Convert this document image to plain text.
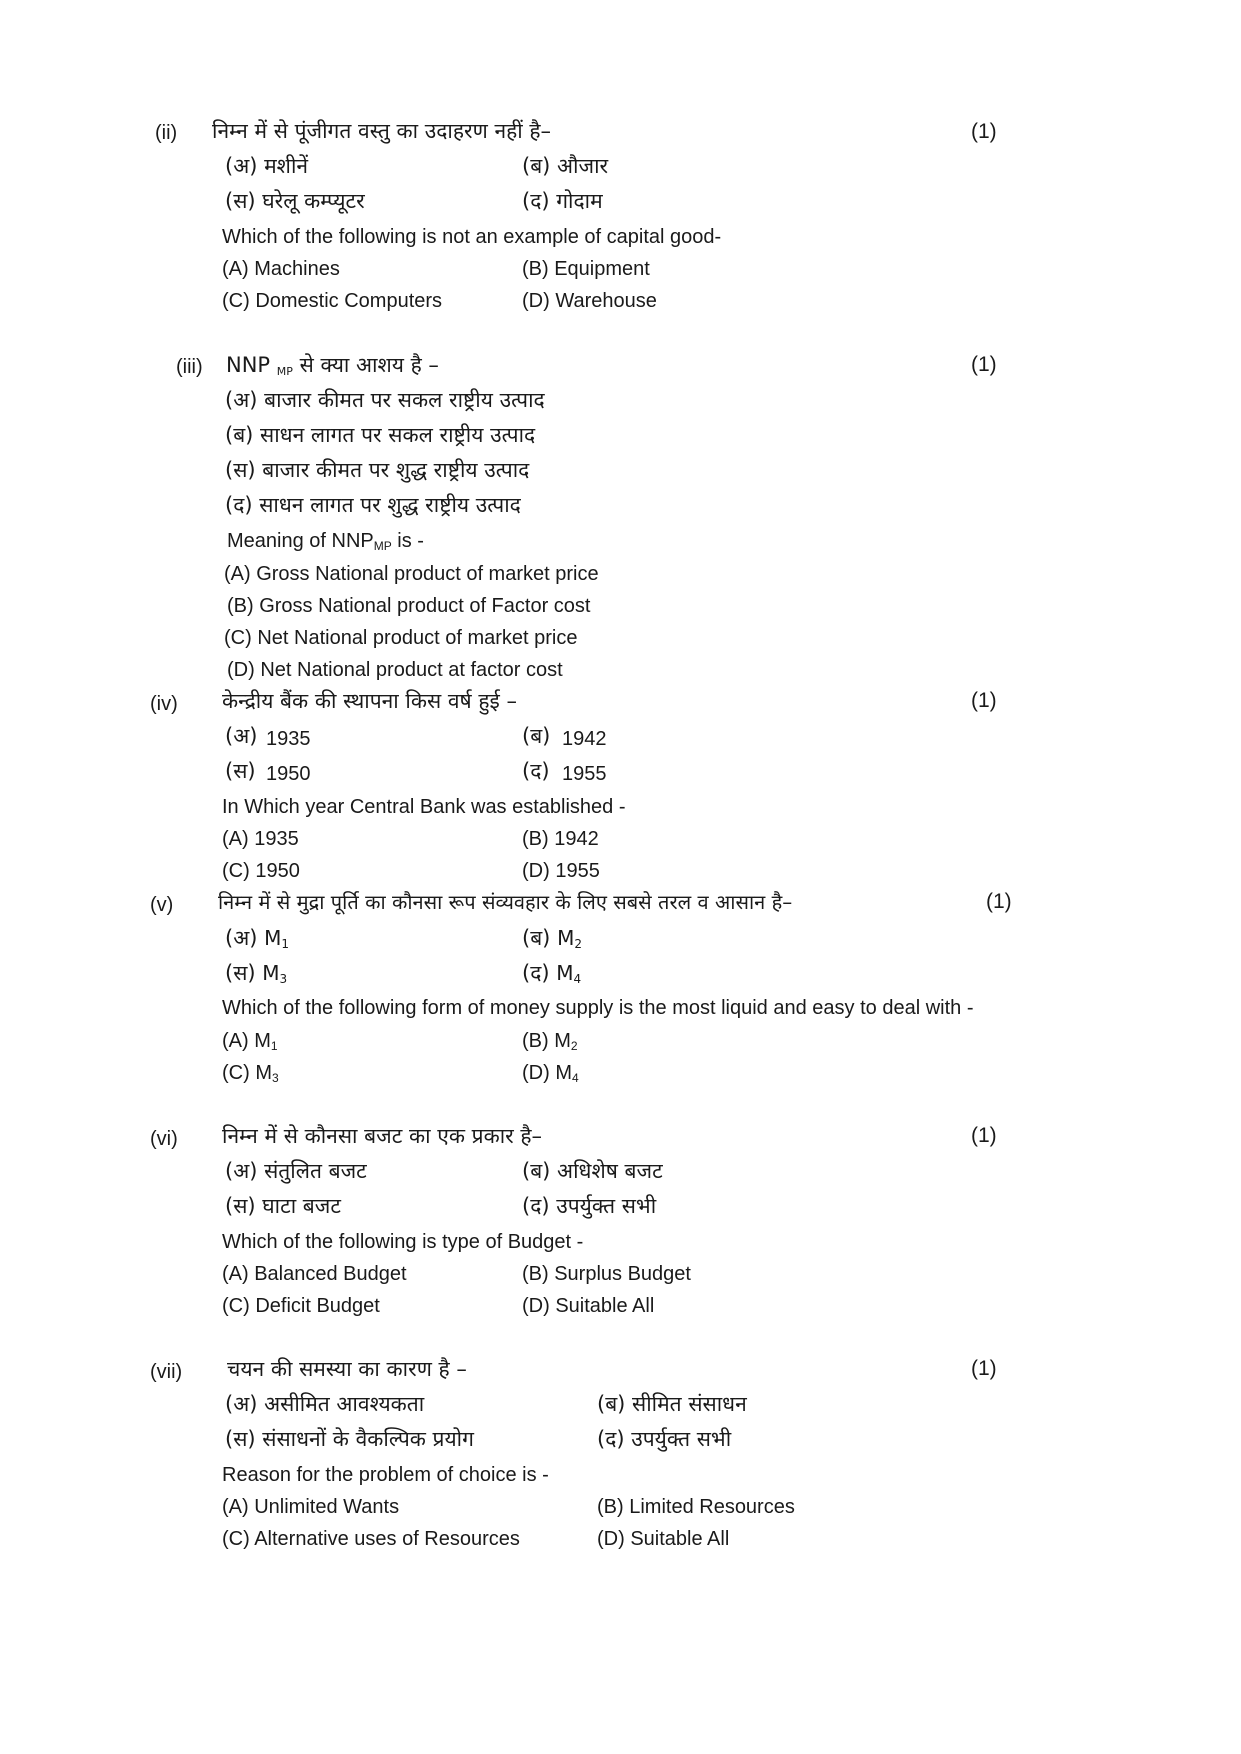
(ii) निम्न में से पूंजीगत वस्तु का उदाहरण नहीं है–	(1)
(अ) मशीनें	(ब) औजार
(स) घरेलू कम्प्यूटर	(द) गोदाम
Which of the following is not an example of capital good-
(A) Machines	(B) Equipment
(C) Domestic Computers	(D) Warehouse
(iii) NNP $_{MP}$ से क्या आशय है –	(1)
(अ) बाजार कीमत पर सकल राष्ट्रीय उत्पाद
(ब) साधन लागत पर सकल राष्ट्रीय उत्पाद
(स) बाजार कीमत पर शुद्ध राष्ट्रीय उत्पाद
(द) साधन लागत पर शुद्ध राष्ट्रीय उत्पाद
Meaning of $NNP_{MP}$ is -
(A) Gross National product of market price
(B) Gross National product of Factor cost
(C) Net National product of market price
(D) Net National product at factor cost
(iv) केन्द्रीय बैंक की स्थापना किस वर्ष हुई –	(1)
(अ) 1935	(ब) 1942
(स) 1950	(द) 1955
In Which year Central Bank was established -
(A) 1935	(B) 1942
(C) 1950	(D) 1955
(v) निम्न में से मुद्रा पूर्ति का कौनसा रूप संव्यवहार के लिए सबसे तरल व आसान है–	(1)
(अ) $M_1$	(ब) $M_2$
(स) $M_3$	(द) $M_4$
Which of the following form of money supply is the most liquid and easy to deal with -
(A) $M_1$	(B) $M_2$
(C) $M_3$	(D) $M_4$
(vi) निम्न में से कौनसा बजट का एक प्रकार है–	(1)
(अ) संतुलित बजट	(ब) अधिशेष बजट
(स) घाटा बजट	(द) उपर्युक्त सभी
Which of the following is type of Budget -
(A) Balanced Budget	(B) Surplus Budget
(C) Deficit Budget	(D) Suitable All
(vii) चयन की समस्या का कारण है –	(1)
(अ) असीमित आवश्यकता	(ब) सीमित संसाधन
(स) संसाधनों के वैकल्पिक प्रयोग	(द) उपर्युक्त सभी
Reason for the problem of choice is -
(A) Unlimited Wants	(B) Limited Resources
(C) Alternative uses of Resources	(D) Suitable All
